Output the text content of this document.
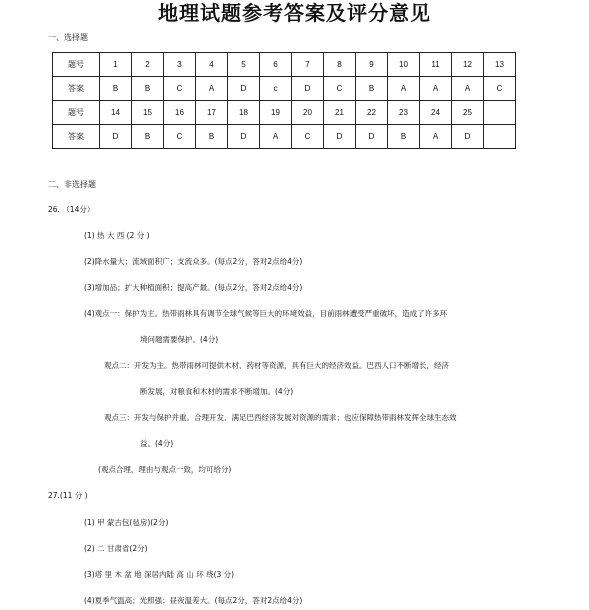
地理试题参考答案及评分意见
一、选择题
题号	1	2	3	4	5	6	7	8	9	10	11	12	13
答案	B	B	C	A	D	c	D	C	B	A	A	A	C
题号	14	15	16	17	18	19	20	21	22	23	24	25	
答案	D	B	C	B	D	A	C	D	D	B	A	D	
二、非选择题
26. （14分）
(1) 热 大 西 (2 分 )
(2)降水量大；流域面积广；支流众多。(每点2分，答对2点给4分)
(3)增加品；扩大种植面积；提高产最。(每点2分，答对2点给4分)
(4)观点一：保护为主。热带雨林具有调节全球气候等巨大的环境效益，目前雨林遭受严重破坏，造成了许多环
境问题需要保护。(4分)
观点二：开发为主。热带雨林可提供木材、药材等资源，具有巨大的经济效益。巴西人口不断增长，经济
断发展，对粮食和木材的需求不断增加。(4分)
观点三：开发与保护并重。合理开发、满足巴西经济发展对资源的需求；也应保障热带雨林发挥全球生态效
益。(4分)
(观点合理，理由与观点一致，均可给分)
27.(11 分 )
(1) 甲 蒙古包(毡房)(2分)
(2) 二 甘肃省(2分)
(3)塔 里 木 盆 地 深居内陆 高 山 环 绕(3 分)
(4)夏季气温高；光照强；昼夜温差大。(每点2分，答对2点给4分)
